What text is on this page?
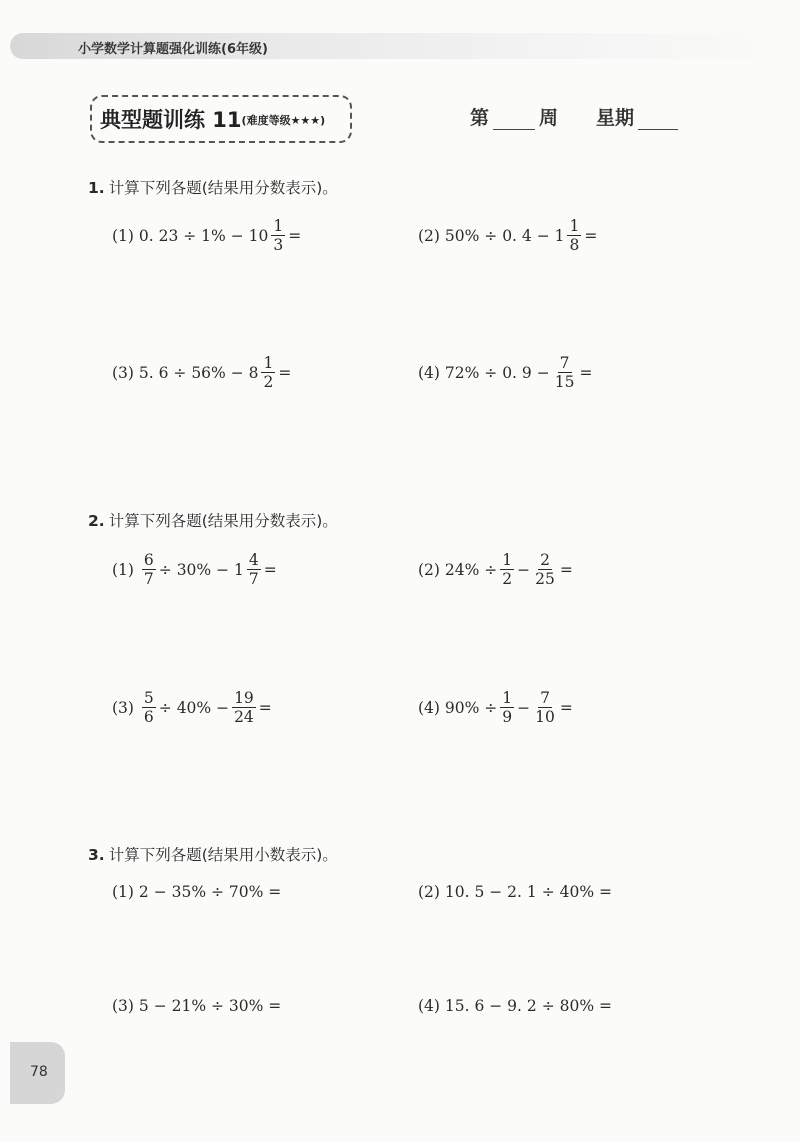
小学数学计算题强化训练(6年级)
典型题训练 11(难度等级★★★)	第	周 星期
1. 计算下列各题(结果用分数表示)。
(1)
0. $23 \div 1\% - 10 \frac{1}{3}$ =	(2)
50% ÷ 0. $4 - 1 \frac{1}{8}$ =
(3)
5. $6 \div 56\% - 8 \frac{1}{2}$ =	(4)
72% ÷ 0. $9 - \frac{7}{15}$ =
2. 计算下列各题(结果用分数表示)。
(1)
$\frac{6}{7} \div 30\% - 1 \frac{4}{7}$ =	(2)
$24\% \div \frac{1}{2} - \frac{2}{25}$ =
(3)
$\frac{5}{6} \div 40\% - \frac{19}{24}$ =	(4)
$90\% \div \frac{1}{9} - \frac{7}{10}$ =
3. 计算下列各题(结果用小数表示)。
(1)
2 − 35% ÷ 70% =	(2)
10. 5 − 2. 1 ÷ 40% =
(3)
5 − 21% ÷ 30% =	(4)
15. 6 − 9. 2 ÷ 80% =
78
